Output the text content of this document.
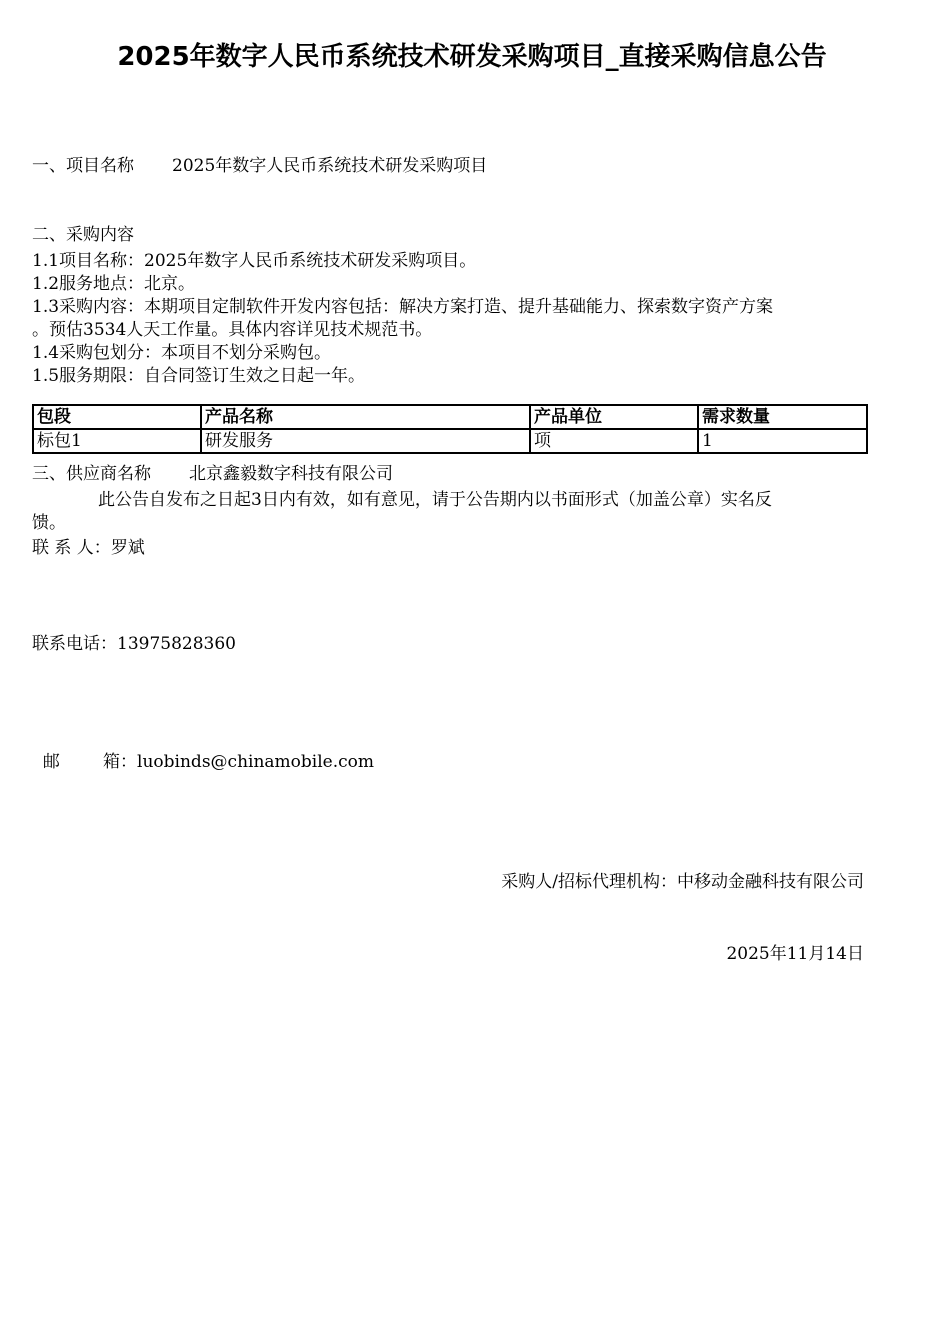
2025年数字人民币系统技术研发采购项目_直接采购信息公告
一、项目名称 2025年数字人民币系统技术研发采购项目
二、采购内容
1.1项目名称：2025年数字人民币系统技术研发采购项目。
1.2服务地点：北京。
1.3采购内容：本期项目定制软件开发内容包括：解决方案打造、提升基础能力、探索数字资产方案
。预估3534人天工作量。具体内容详见技术规范书。
1.4采购包划分：本项目不划分采购包。
1.5服务期限：自合同签订生效之日起一年。
包段	产品名称	产品单位	需求数量
标包1	研发服务	项	1
三、供应商名称 北京鑫毅数字科技有限公司
此公告自发布之日起3日内有效，如有意见，请于公告期内以书面形式（加盖公章）实名反
馈。
联 系 人：罗斌
联系电话：13975828360

邮        箱：luobinds@chinamobile.com

采购人/招标代理机构：中移动金融科技有限公司
2025年11月14日
